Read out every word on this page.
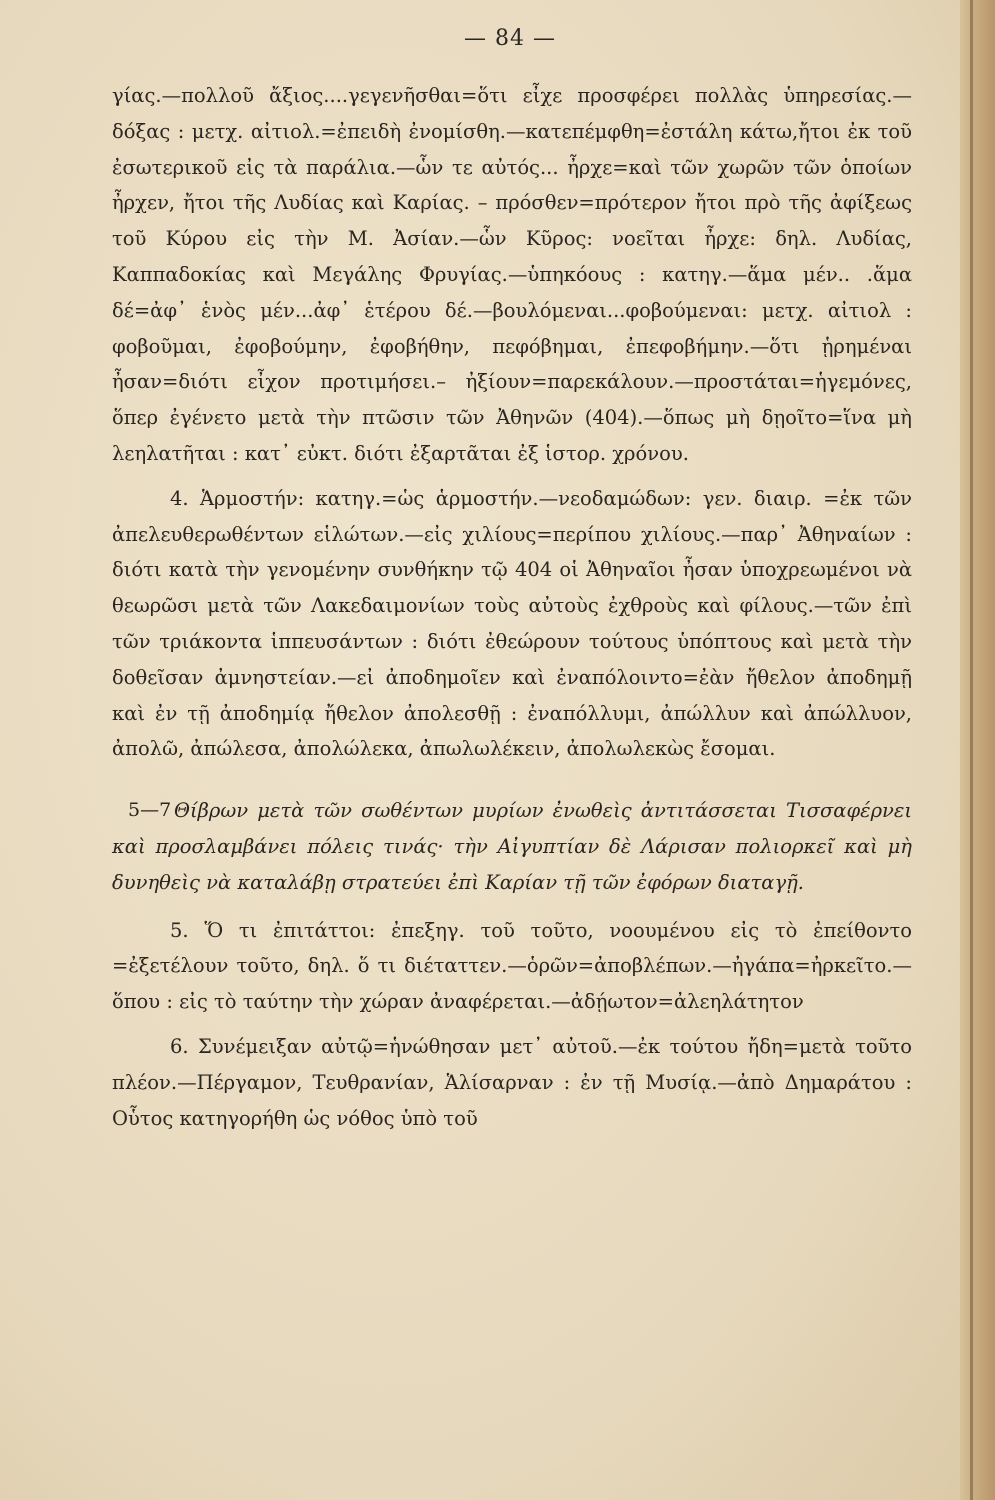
— 84 —

γίας.—πολλοῦ ἄξιος....γεγενῆσθαι=ὅτι εἶχε προσφέρει πολλὰς ὑπηρεσίας.—δόξας : μετχ. αἰτιολ.=ἐπειδὴ ἐνομίσθη.—κατεπέμφθη=ἐστάλη κάτω,ἤτοι ἐκ τοῦ ἐσωτερικοῦ εἰς τὰ παράλια.—ὧν τε αὐτός... ἦρχε=καὶ τῶν χωρῶν τῶν ὁποίων ἦρχεν, ἤτοι τῆς Λυδίας καὶ Καρίας. – πρόσθεν=πρότερον ἤτοι πρὸ τῆς ἀφίξεως τοῦ Κύρου εἰς τὴν Μ. Ἀσίαν.—ὧν Κῦρος: νοεῖται ἦρχε: δηλ. Λυδίας, Καππαδοκίας καὶ Μεγάλης Φρυγίας.—ὑπηκόους : κατηγ.—ἅμα μέν.. .ἅμα δέ=ἀφ᾽ ἑνὸς μέν...ἀφ᾽ ἑτέρου δέ.—βουλόμεναι...φοβούμεναι: μετχ. αἰτιολ : φοβοῦμαι, ἐφοβούμην, ἐφοβήθην, πεφόβημαι, ἐπεφοβήμην.—ὅτι ᾑρημέναι ἦσαν=διότι εἶχον προτιμήσει.– ἠξίουν=παρεκάλουν.—προστάται=ἡγεμόνες, ὅπερ ἐγένετο μετὰ τὴν πτῶσιν τῶν Ἀθηνῶν (404).—ὅπως μὴ δῃοῖτο=ἵνα μὴ λεηλατῆται : κατ᾽ εὐκτ. διότι ἐξαρτᾶται ἐξ ἱστορ. χρόνου.

4. Ἁρμοστήν: κατηγ.=ὡς ἁρμοστήν.—νεοδαμώδων: γεν. διαιρ. =ἐκ τῶν ἀπελευθερωθέντων εἱλώτων.—εἰς χιλίους=περίπου χιλίους.—παρ᾽ Ἀθηναίων : διότι κατὰ τὴν γενομένην συνθήκην τῷ 404 οἱ Ἀθηναῖοι ἦσαν ὑποχρεωμένοι νὰ θεωρῶσι μετὰ τῶν Λακεδαιμονίων τοὺς αὐτοὺς ἐχθροὺς καὶ φίλους.—τῶν ἐπὶ τῶν τριάκοντα ἱππευσάντων : διότι ἐθεώρουν τούτους ὑπόπτους καὶ μετὰ τὴν δοθεῖσαν ἀμνηστείαν.—εἰ ἀποδημοῖεν καὶ ἐναπόλοιντο=ἐὰν ἤθελον ἀποδημῇ καὶ ἐν τῇ ἀποδημίᾳ ἤθελον ἀπολεσθῇ : ἐναπόλλυμι, ἀπώλλυν καὶ ἀπώλλυον, ἀπολῶ, ἀπώλεσα, ἀπολώλεκα, ἀπωλωλέκειν, ἀπολωλεκὼς ἔσομαι.

5—7 Θίβρων μετὰ τῶν σωθέντων μυρίων ἐνωθεὶς ἀντιτάσσεται Τισσαφέρνει καὶ προσλαμβάνει πόλεις τινάς· τὴν Αἰγυπτίαν δὲ Λάρισαν πολιορκεῖ καὶ μὴ δυνηθεὶς νὰ καταλάβῃ στρατεύει ἐπὶ Καρίαν τῇ τῶν ἐφόρων διαταγῇ.

5. Ὅ τι ἐπιτάττοι: ἐπεξηγ. τοῦ τοῦτο, νοουμένου εἰς τὸ ἐπείθοντο =ἐξετέλουν τοῦτο, δηλ. ὅ τι διέταττεν.—ὁρῶν=ἀποβλέπων.—ἠγάπα=ἠρκεῖτο.—ὅπου : εἰς τὸ ταύτην τὴν χώραν ἀναφέρεται.—ἀδῄωτον=ἀλεηλάτητον

6. Συνέμειξαν αὐτῷ=ἡνώθησαν μετ᾽ αὐτοῦ.—ἐκ τούτου ἤδη=μετὰ τοῦτο πλέον.—Πέργαμον, Τευθρανίαν, Ἁλίσαρναν : ἐν τῇ Μυσίᾳ.—ἀπὸ Δημαράτου : Οὗτος κατηγορήθη ὡς νόθος ὑπὸ τοῦ
